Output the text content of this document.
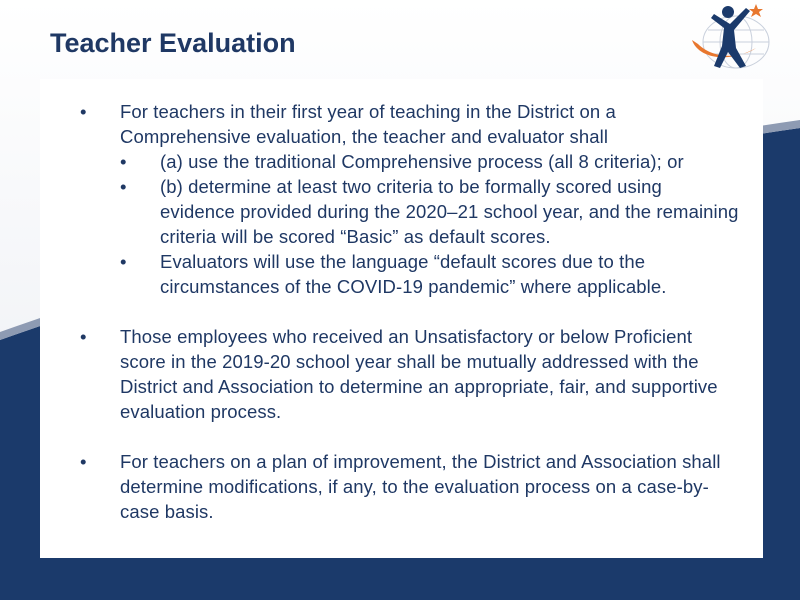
Teacher Evaluation
• For teachers in their first year of teaching in the District on a Comprehensive evaluation, the teacher and evaluator shall
• (a) use the traditional Comprehensive process (all 8 criteria); or
• (b) determine at least two criteria to be formally scored using evidence provided during the 2020–21 school year, and the remaining criteria will be scored “Basic” as default scores.
• Evaluators will use the language “default scores due to the circumstances of the COVID-19 pandemic” where applicable.
• Those employees who received an Unsatisfactory or below Proficient score in the 2019-20 school year shall be mutually addressed with the District and Association to determine an appropriate, fair, and supportive evaluation process.
• For teachers on a plan of improvement, the District and Association shall determine modifications, if any, to the evaluation process on a case-by-case basis.
